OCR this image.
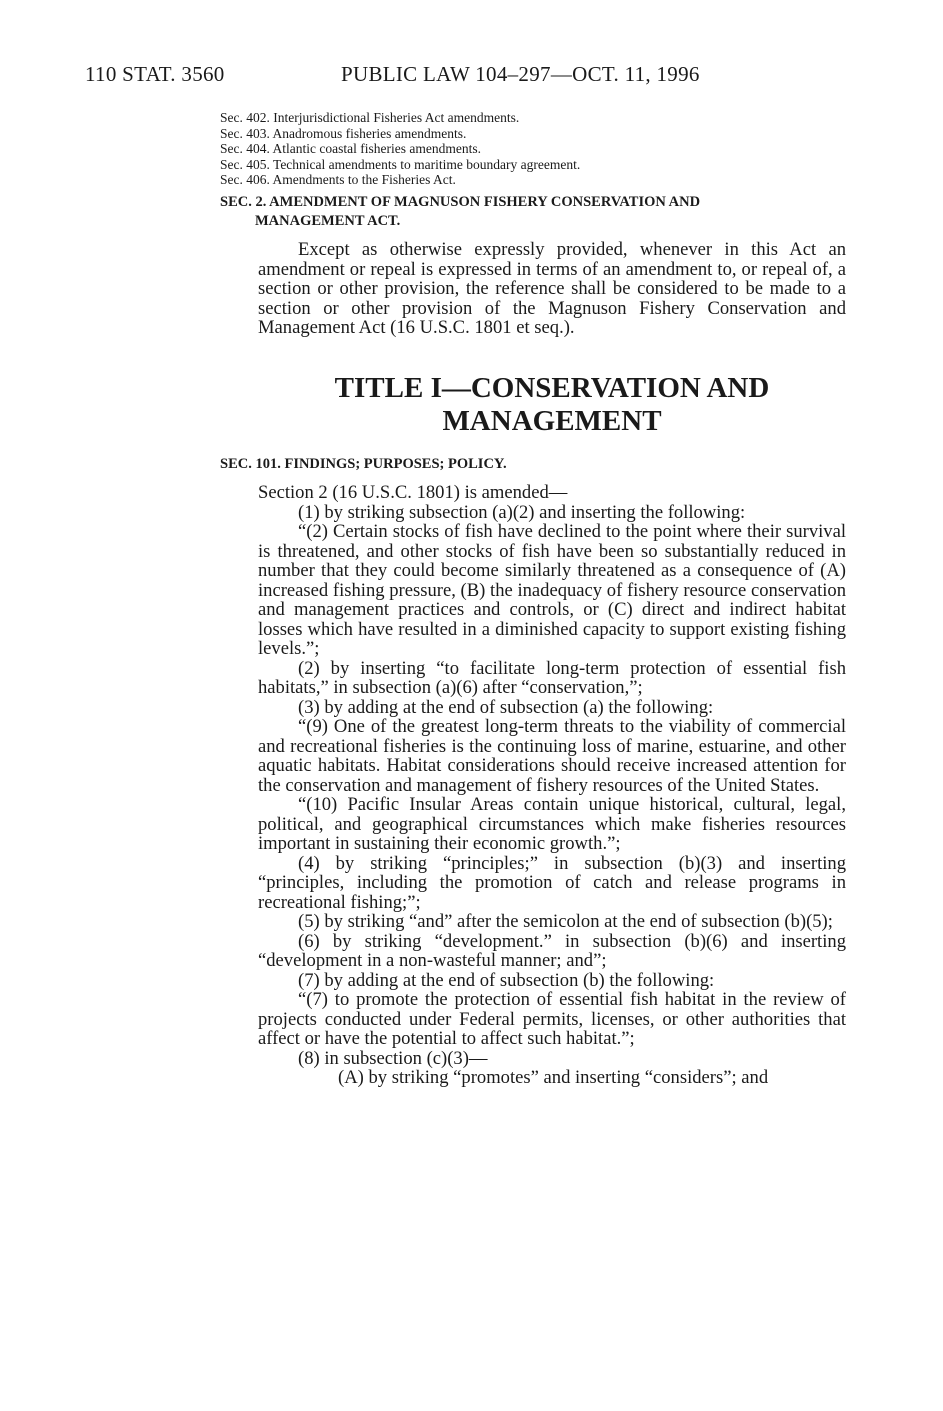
110 STAT. 3560	PUBLIC LAW 104–297—OCT. 11, 1996
Sec. 402. Interjurisdictional Fisheries Act amendments.
Sec. 403. Anadromous fisheries amendments.
Sec. 404. Atlantic coastal fisheries amendments.
Sec. 405. Technical amendments to maritime boundary agreement.
Sec. 406. Amendments to the Fisheries Act.
SEC. 2. AMENDMENT OF MAGNUSON FISHERY CONSERVATION AND
MANAGEMENT ACT.

Except as otherwise expressly provided, whenever in this Act an amendment or repeal is expressed in terms of an amendment to, or repeal of, a section or other provision, the reference shall be considered to be made to a section or other provision of the Magnuson Fishery Conservation and Management Act (16 U.S.C. 1801 et seq.).

TITLE I—CONSERVATION AND
MANAGEMENT
SEC. 101. FINDINGS; PURPOSES; POLICY.

Section 2 (16 U.S.C. 1801) is amended—

(1) by striking subsection (a)(2) and inserting the following:

“(2) Certain stocks of fish have declined to the point where their survival is threatened, and other stocks of fish have been so substantially reduced in number that they could become similarly threatened as a consequence of (A) increased fishing pressure, (B) the inadequacy of fishery resource conservation and management practices and controls, or (C) direct and indirect habitat losses which have resulted in a diminished capacity to support existing fishing levels.”;

(2) by inserting “to facilitate long-term protection of essential fish habitats,” in subsection (a)(6) after “conservation,”;

(3) by adding at the end of subsection (a) the following:

“(9) One of the greatest long-term threats to the viability of commercial and recreational fisheries is the continuing loss of marine, estuarine, and other aquatic habitats. Habitat considerations should receive increased attention for the conservation and management of fishery resources of the United States.

“(10) Pacific Insular Areas contain unique historical, cultural, legal, political, and geographical circumstances which make fisheries resources important in sustaining their economic growth.”;

(4) by striking “principles;” in subsection (b)(3) and inserting “principles, including the promotion of catch and release programs in recreational fishing;”;

(5) by striking “and” after the semicolon at the end of subsection (b)(5);

(6) by striking “development.” in subsection (b)(6) and inserting “development in a non-wasteful manner; and”;

(7) by adding at the end of subsection (b) the following:

“(7) to promote the protection of essential fish habitat in the review of projects conducted under Federal permits, licenses, or other authorities that affect or have the potential to affect such habitat.”;

(8) in subsection (c)(3)—

(A) by striking “promotes” and inserting “considers”; and
